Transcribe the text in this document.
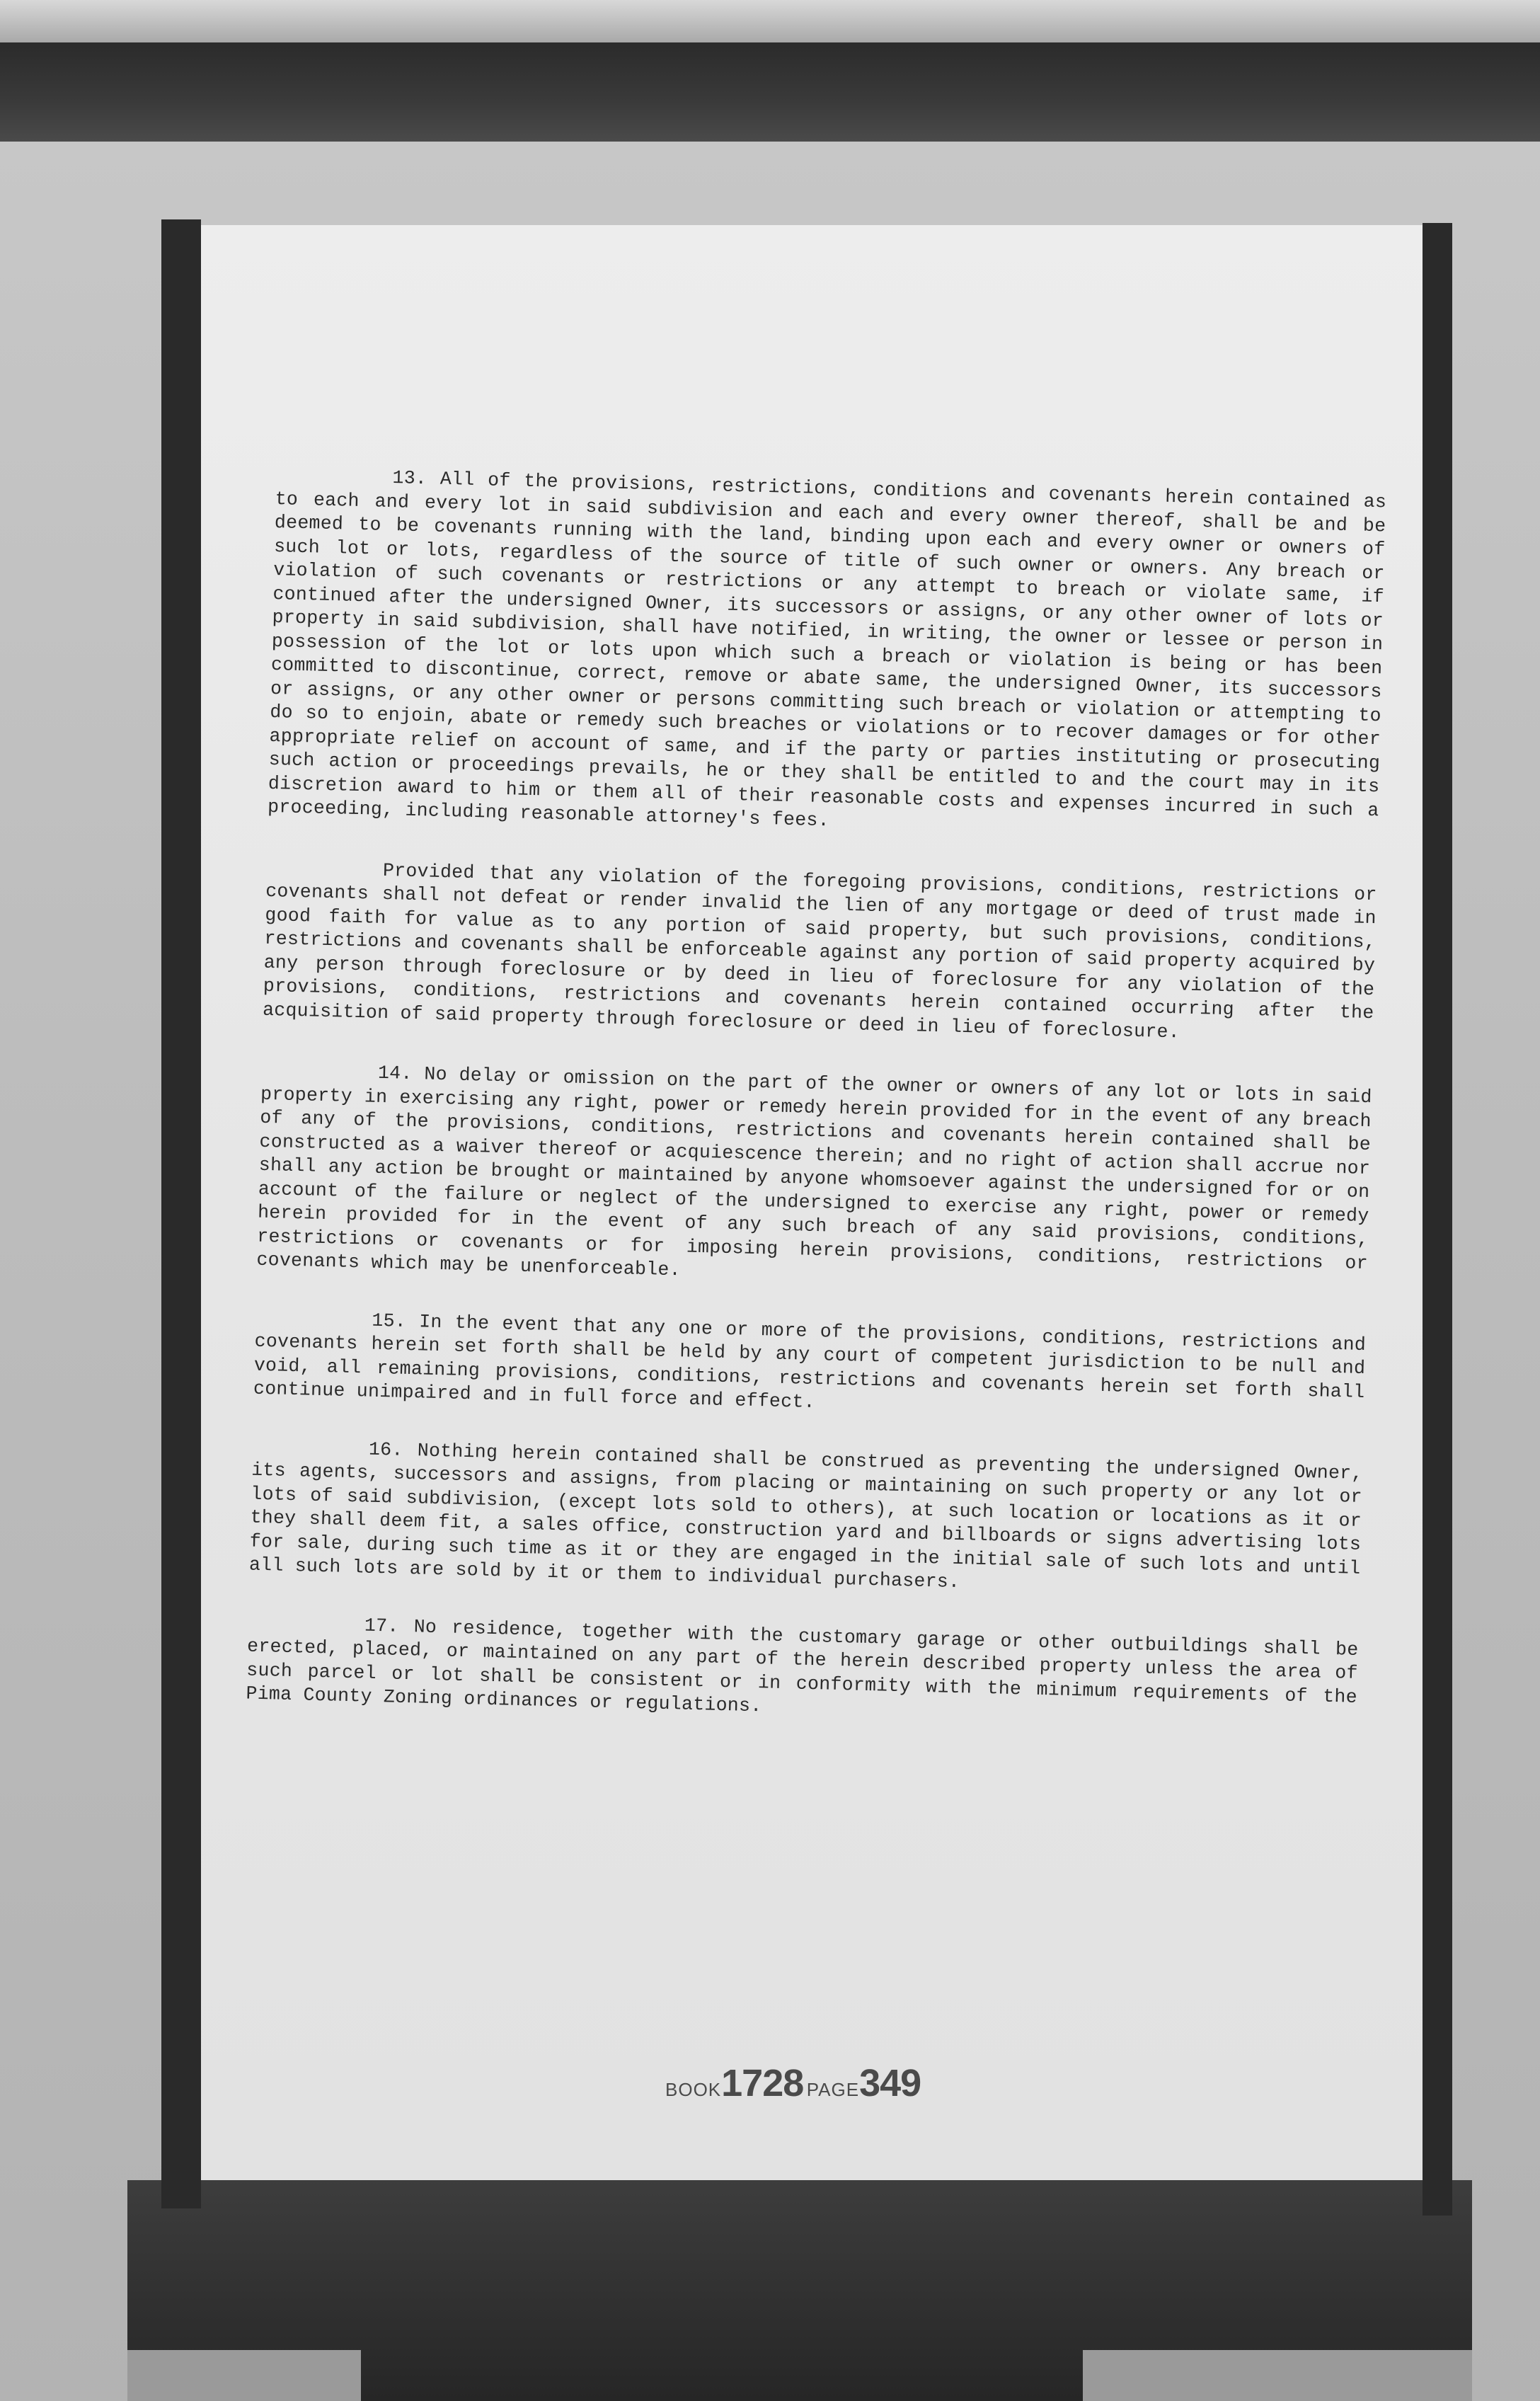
13. All of the provisions, restrictions, conditions and covenants herein contained as to each and every lot in said subdivision and each and every owner thereof, shall be and be deemed to be covenants running with the land, binding upon each and every owner or owners of such lot or lots, regardless of the source of title of such owner or owners. Any breach or violation of such covenants or restrictions or any attempt to breach or violate same, if continued after the undersigned Owner, its successors or assigns, or any other owner of lots or property in said subdivision, shall have notified, in writing, the owner or lessee or person in possession of the lot or lots upon which such a breach or violation is being or has been committed to discontinue, correct, remove or abate same, the undersigned Owner, its successors or assigns, or any other owner or persons committing such breach or violation or attempting to do so to enjoin, abate or remedy such breaches or violations or to recover damages or for other appropriate relief on account of same, and if the party or parties instituting or prosecuting such action or proceedings prevails, he or they shall be entitled to and the court may in its discretion award to him or them all of their reasonable costs and expenses incurred in such a proceeding, including reasonable attorney's fees.

Provided that any violation of the foregoing provisions, conditions, restrictions or covenants shall not defeat or render invalid the lien of any mortgage or deed of trust made in good faith for value as to any portion of said property, but such provisions, conditions, restrictions and covenants shall be enforceable against any portion of said property acquired by any person through foreclosure or by deed in lieu of foreclosure for any violation of the provisions, conditions, restrictions and covenants herein contained occurring after the acquisition of said property through foreclosure or deed in lieu of foreclosure.

14. No delay or omission on the part of the owner or owners of any lot or lots in said property in exercising any right, power or remedy herein provided for in the event of any breach of any of the provisions, conditions, restrictions and covenants herein contained shall be constructed as a waiver thereof or acquiescence therein; and no right of action shall accrue nor shall any action be brought or maintained by anyone whomsoever against the undersigned for or on account of the failure or neglect of the undersigned to exercise any right, power or remedy herein provided for in the event of any such breach of any said provisions, conditions, restrictions or covenants or for imposing herein provisions, conditions, restrictions or covenants which may be unenforceable.

15. In the event that any one or more of the provisions, conditions, restrictions and covenants herein set forth shall be held by any court of competent jurisdiction to be null and void, all remaining provisions, conditions, restrictions and covenants herein set forth shall continue unimpaired and in full force and effect.

16. Nothing herein contained shall be construed as preventing the undersigned Owner, its agents, successors and assigns, from placing or maintaining on such property or any lot or lots of said subdivision, (except lots sold to others), at such location or locations as it or they shall deem fit, a sales office, construction yard and billboards or signs advertising lots for sale, during such time as it or they are engaged in the initial sale of such lots and until all such lots are sold by it or them to individual purchasers.

17. No residence, together with the customary garage or other outbuildings shall be erected, placed, or maintained on any part of the herein described property unless the area of such parcel or lot shall be consistent or in conformity with the minimum requirements of the Pima County Zoning ordinances or regulations.

BOOK1728 PAGE349
